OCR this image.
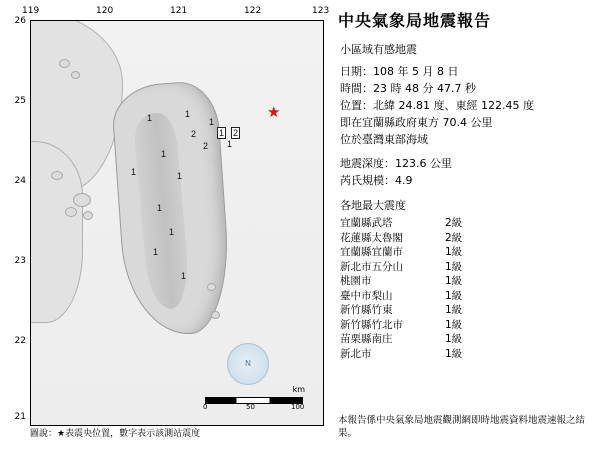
119	120	121	122	123
26
25
24
23
22
21
1	1
1
2
2 1
1
1	1
1
1
1
1
1 2
★
N
km
0	50	100
圖說：★表震央位置，數字表示該測站震度
中央氣象局地震報告
小區域有感地震
日期：108 年 5 月 8 日
時間：23 時 48 分 47.7 秒
位置：北緯 24.81 度、東經 122.45 度
即在宜蘭縣政府東方 70.4 公里
位於臺灣東部海域
地震深度：123.6 公里
芮氏規模：4.9
各地最大震度
宜蘭縣武塔	2級
花蓮縣太魯閣	2級
宜蘭縣宜蘭市	1級
新北市五分山	1級
桃園市	1級
臺中市梨山	1級
新竹縣竹東	1級
新竹縣竹北市	1級
苗栗縣南庄	1級
新北市	1級
本報告係中央氣象局地震觀測網即時地震資料地震速報之結果。
